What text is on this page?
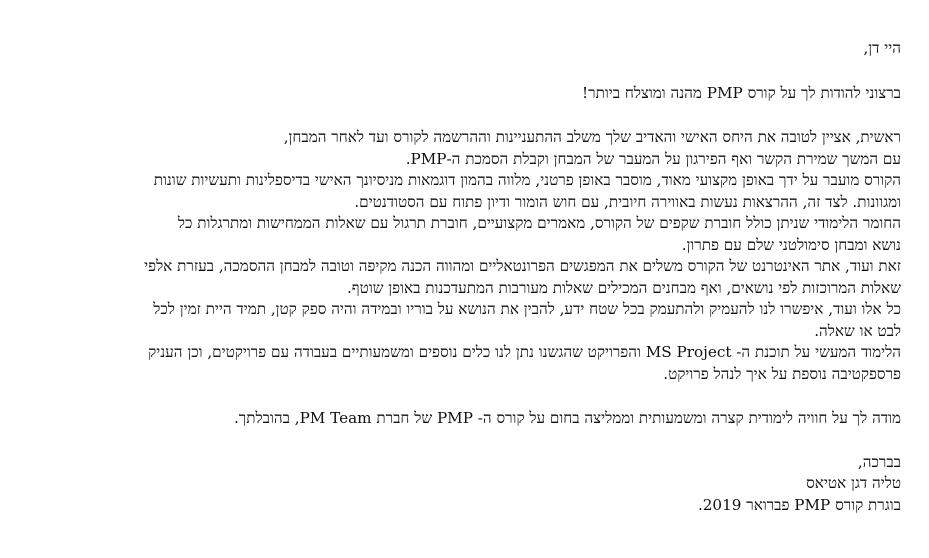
היי דן,

ברצוני להודות לך על קורס PMP מהנה ומוצלח ביותר!

ראשית, אציין לטובה את היחס האישי והאדיב שלך משלב ההתעניינות וההרשמה לקורס ועד לאחר המבחן,
עם המשך שמירת הקשר ואף הפירגון על המעבר של המבחן וקבלת הסמכת ה-PMP.
הקורס מועבר על ידך באופן מקצועי מאוד, מוסבר באופן פרטני, מלווה בהמון דוגמאות מניסיונך האישי בדיספלינות ותעשיות שונות
ומגוונות. לצד זה, ההרצאות נעשות באווירה חיובית, עם חוש הומור ודיון פתוח עם הסטודנטים.
החומר הלימודי שניתן כולל חוברת שקפים של הקורס, מאמרים מקצועיים, חוברת תרגול עם שאלות הממחישות ומתרגלות כל
נושא ומבחן סימולטני שלם עם פתרון.
זאת ועוד, אתר האינטרנט של הקורס משלים את המפגשים הפרונטאליים ומהווה הכנה מקיפה וטובה למבחן ההסמכה, בעזרת אלפי
שאלות המרוכזות לפי נושאים, ואף מבחנים המכילים שאלות מעורבות המתעדכנות באופן שוטף.
כל אלו ועוד, איפשרו לנו להעמיק ולהתעמק בכל שטח ידע, להבין את הנושא על בוריו ובמידה והיה ספק קטן, תמיד היית זמין לכל
לבט או שאלה.
הלימוד המעשי על תוכנת ה- MS Project והפרויקט שהגשנו נתן לנו כלים נוספים ומשמעותיים בעבודה עם פרויקטים, וכן העניק
פרספקטיבה נוספת על איך לנהל פרויקט.

מודה לך על חוויה לימודית קצרה ומשמעותית וממליצה בחום על קורס ה- PMP של חברת PM Team, בהובלתך.

בברכה,
טליה דגן אטיאס
בוגרת קורס PMP פברואר 2019.
